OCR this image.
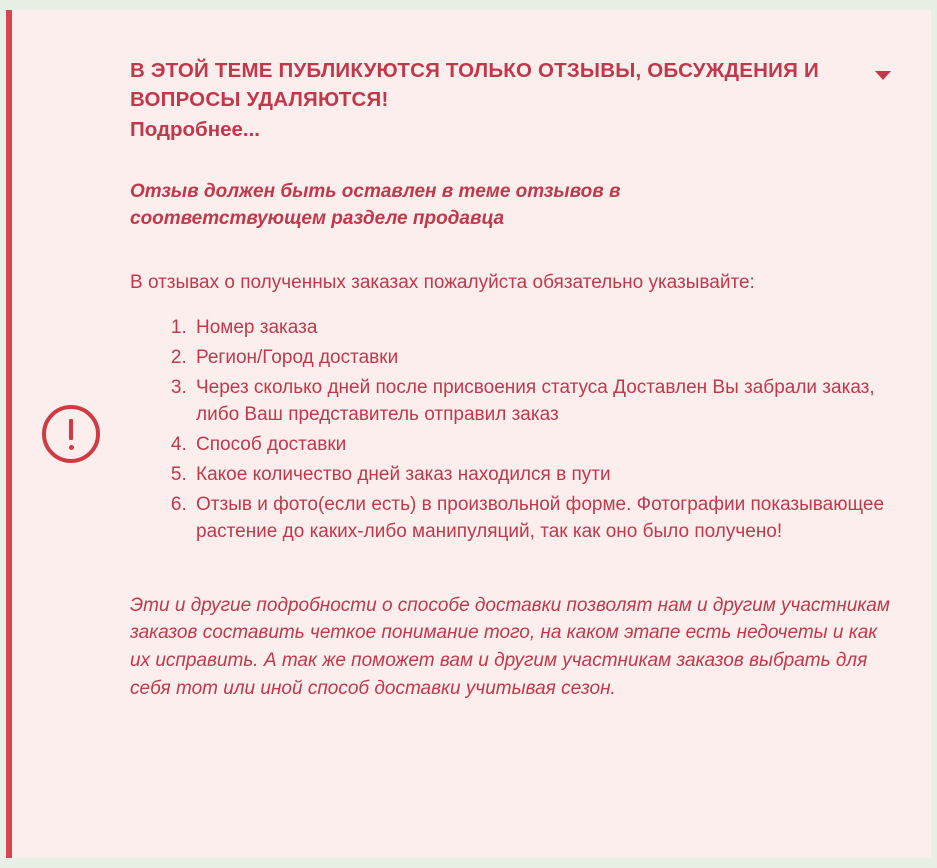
В ЭТОЙ ТЕМЕ ПУБЛИКУЮТСЯ ТОЛЬКО ОТЗЫВЫ, ОБСУЖДЕНИЯ И ВОПРОСЫ УДАЛЯЮТСЯ!

Подробнее...

Отзыв должен быть оставлен в теме отзывов в соответствующем разделе продавца

В отзывах о полученных заказах пожалуйста обязательно указывайте:

1. Номер заказа
2. Регион/Город доставки
3. Через сколько дней после присвоения статуса Доставлен Вы забрали заказ, либо Ваш представитель отправил заказ
4. Способ доставки
5. Какое количество дней заказ находился в пути
6. Отзыв и фото(если есть) в произвольной форме. Фотографии показывающее растение до каких-либо манипуляций, так как оно было получено!

Эти и другие подробности о способе доставки позволят нам и другим участникам заказов составить четкое понимание того, на каком этапе есть недочеты и как их исправить. А так же поможет вам и другим участникам заказов выбрать для себя тот или иной способ доставки учитывая сезон.
